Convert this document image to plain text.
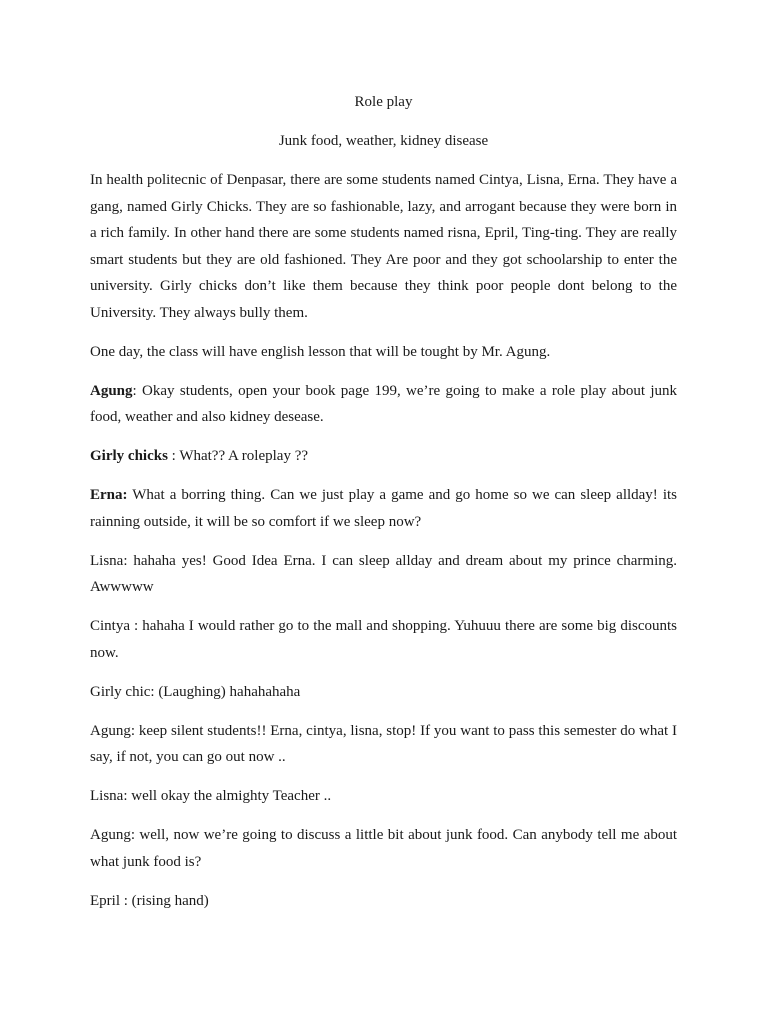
Role play

Junk food, weather, kidney disease

In health politecnic of Denpasar, there are some students named Cintya, Lisna, Erna. They have a gang, named Girly Chicks. They are so fashionable, lazy, and arrogant because they were born in a rich family. In other hand there are some students named risna, Epril, Ting-ting. They are really smart students but they are old fashioned. They Are poor and they got schoolarship to enter the university. Girly chicks don’t like them because they think poor people dont belong to the University. They always bully them.

One day, the class will have english lesson that will be tought by Mr. Agung.

Agung: Okay students, open your book page 199, we’re going to make a role play about junk food, weather and also kidney desease.

Girly chicks : What?? A roleplay ??

Erna: What a borring thing. Can we just play a game and go home so we can sleep allday! its rainning outside, it will be so comfort if we sleep now?

Lisna: hahaha yes! Good Idea Erna. I can sleep allday and dream about my prince charming. Awwwww

Cintya : hahaha I would rather go to the mall and shopping. Yuhuuu there are some big discounts now.

Girly chic: (Laughing) hahahahaha

Agung: keep silent students!! Erna, cintya, lisna, stop! If you want to pass this semester do what I say, if not, you can go out now ..

Lisna: well okay the almighty Teacher ..

Agung: well, now we’re going to discuss a little bit about junk food. Can anybody tell me about what junk food is?

Epril : (rising hand)
